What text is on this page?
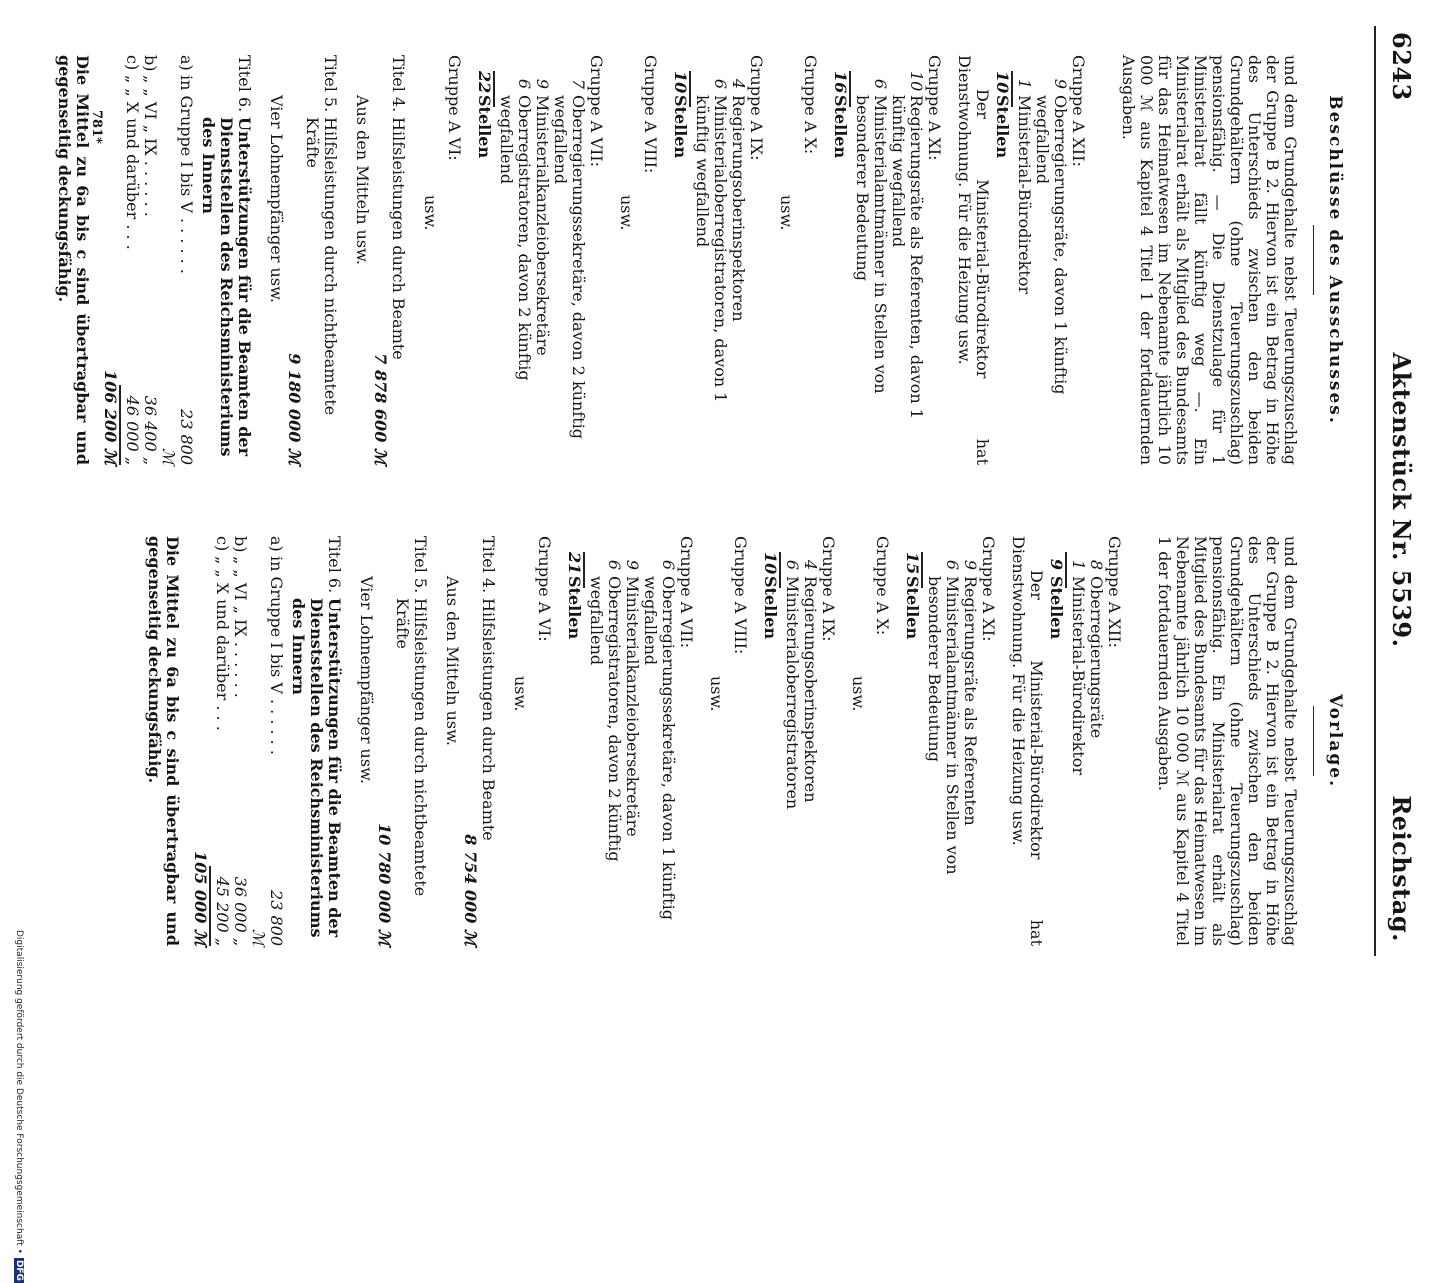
6243
Aktenstück Nr. 5539.
Reichstag.
Beschlüsse des Ausschusses.
und dem Grundgehalte nebst Teuerungszuschlag der Gruppe B 2. Hiervon ist ein Betrag in Höhe des Unterschieds zwischen den beiden Grundgehältern (ohne Teuerungszuschlag) pensionsfähig. — Die Dienstzulage für 1 Ministerialrat fällt künftig weg —. Ein Ministerialrat erhält als Mitglied des Bundesamts für das Heimatwesen im Nebenamte jährlich 10 000 ℳ aus Kapitel 4 Titel 1 der fortdauernden Ausgaben.
Gruppe A XII:
9
Oberregierungsräte, davon 1 künftig wegfallend
1
Ministerial-Bürodirektor
10
Stellen
Der Ministerial-Bürodirektor hat Dienstwohnung. Für die Heizung usw.
Gruppe A XI:
10
Regierungsräte als Referenten, davon 1 künftig wegfallend
6
Ministerialamtmänner in Stellen von besonderer Bedeutung
16
Stellen
Gruppe A X:
usw.
Gruppe A IX:
4
Regierungsoberinspektoren
6
Ministerialoberregistratoren, davon 1 künftig wegfallend
10
Stellen
Gruppe A VIII:
usw.
Gruppe A VII:
7
Oberregierungssekretäre, davon 2 künftig wegfallend
9
Ministerialkanzleiobersekretäre
6
Oberregistratoren, davon 2 künftig wegfallend
22
Stellen
Gruppe A VI:
usw.
Titel 4.
Hilfsleistungen durch Beamte
7 878 600 ℳ
Aus den Mitteln usw.
Titel 5.
Hilfsleistungen durch nichtbeamtete Kräfte
9 180 000 ℳ
Vier Lohnempfänger usw.
Titel 6.
Unterstützungen für die Beamten der Dienststellen des Reichsministeriums des Innern
a)
in Gruppe I bis V . . . . . .
23 800 ℳ
b)
„ „ VI „ IX . . . . . .
36 400 „
c)
„ „ X und darüber . . .
46 000 „
106 200 ℳ
Die Mittel zu 6a bis c sind übertragbar und gegenseitig deckungsfähig.
Vorlage.
und dem Grundgehalte nebst Teuerungszuschlag der Gruppe B 2. Hiervon ist ein Betrag in Höhe des Unterschieds zwischen den beiden Grundgehältern (ohne Teuerungszuschlag) pensionsfähig. Ein Ministerialrat erhält als Mitglied des Bundesamts für das Heimatwesen im Nebenamte jährlich 10 000 ℳ aus Kapitel 4 Titel 1 der fortdauernden Ausgaben.
Gruppe A XII:
8
Oberregierungsräte
1
Ministerial-Bürodirektor
9
Stellen
Der Ministerial-Bürodirektor hat Dienstwohnung. Für die Heizung usw.
Gruppe A XI:
9
Regierungsräte als Referenten
6
Ministerialamtmänner in Stellen von besonderer Bedeutung
15
Stellen
Gruppe A X:
usw.
Gruppe A IX:
4
Regierungsoberinspektoren
6
Ministerialoberregistratoren
10
Stellen
Gruppe A VIII:
usw.
Gruppe A VII:
6
Oberregierungssekretäre, davon 1 künftig wegfallend
9
Ministerialkanzleiobersekretäre
6
Oberregistratoren, davon 2 künftig wegfallend
21
Stellen
Gruppe A VI:
usw.
Titel 4.
Hilfsleistungen durch Beamte
8 754 000 ℳ
Aus den Mitteln usw.
Titel 5.
Hilfsleistungen durch nichtbeamtete Kräfte
10 780 000 ℳ
Vier Lohnempfänger usw.
Titel 6.
Unterstützungen für die Beamten der Dienststellen des Reichsministeriums des Innern
a)
in Gruppe I bis V . . . . . .
23 800 ℳ
b)
„ „ VI „ IX . . . . . .
36 000 „
c)
„ „ X und darüber . . .
45 200 „
105 000 ℳ
Die Mittel zu 6a bis c sind übertragbar und gegenseitig deckungsfähig.
781*
Digitalisierung gefördert durch die Deutsche Forschungsgemeinschaft •DFG
